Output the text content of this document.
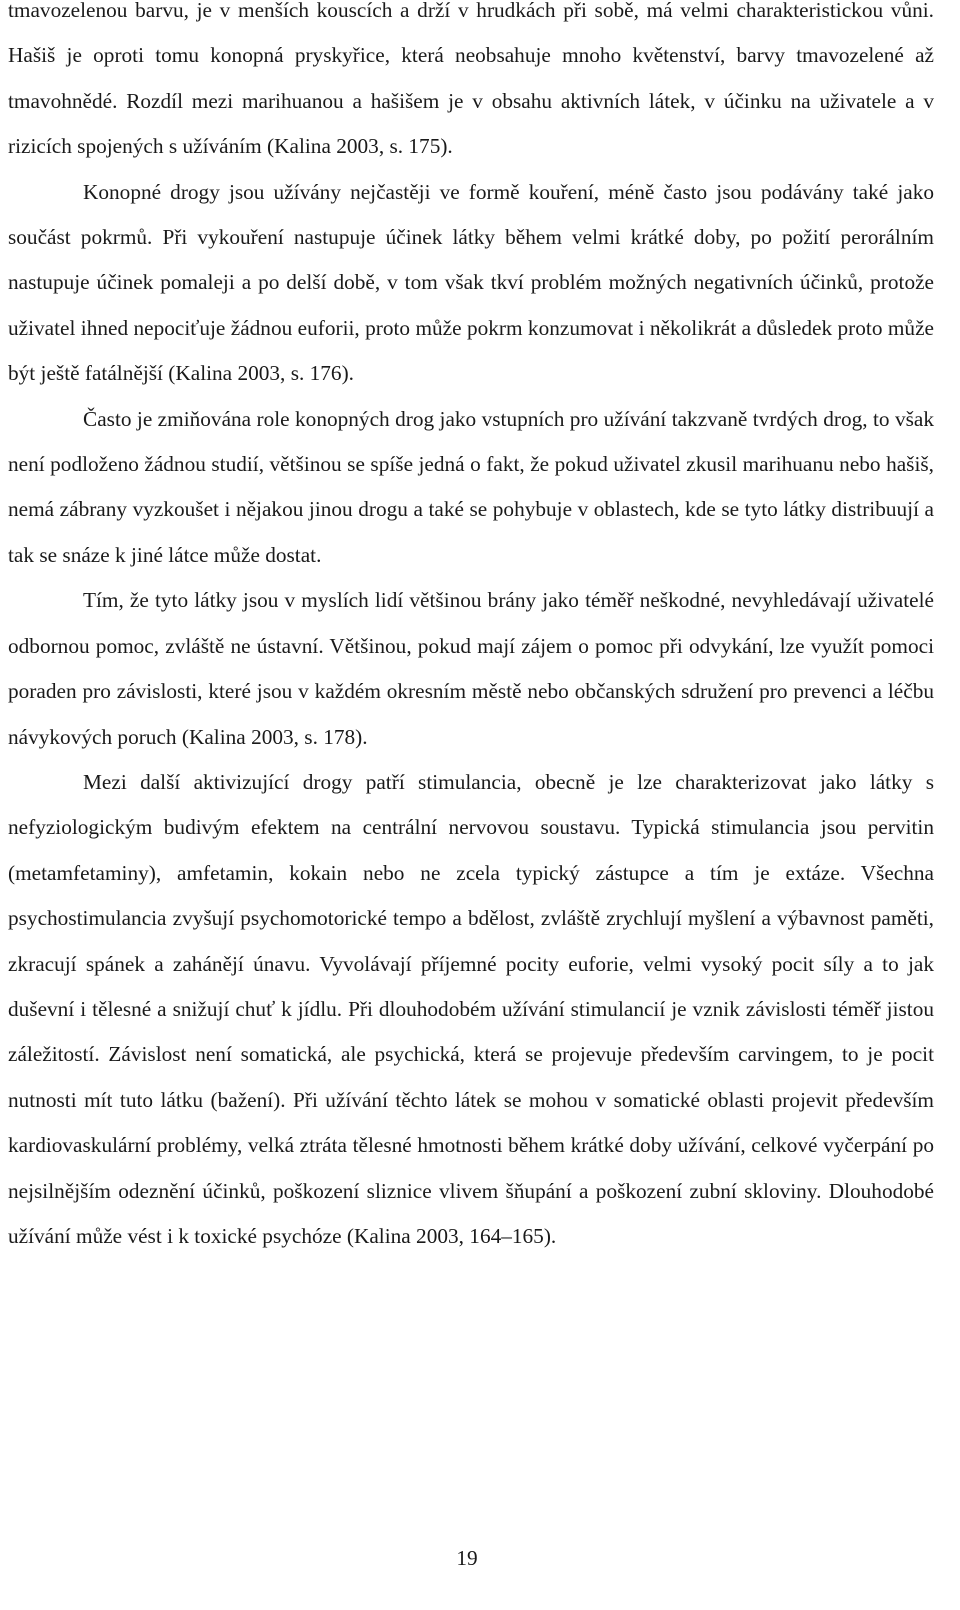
tmavozelenou barvu, je v menších kouscích a drží v hrudkách při sobě, má velmi charakteristickou vůni. Hašiš je oproti tomu konopná pryskyřice, která neobsahuje mnoho květenství, barvy tmavozelené až tmavohnědé. Rozdíl mezi marihuanou a hašišem je v obsahu aktivních látek, v účinku na uživatele a v rizicích spojených s užíváním (Kalina 2003, s. 175).

Konopné drogy jsou užívány nejčastěji ve formě kouření, méně často jsou podávány také jako součást pokrmů. Při vykouření nastupuje účinek látky během velmi krátké doby, po požití perorálním nastupuje účinek pomaleji a po delší době, v tom však tkví problém možných negativních účinků, protože uživatel ihned nepociťuje žádnou euforii, proto může pokrm konzumovat i několikrát a důsledek proto může být ještě fatálnější (Kalina 2003, s. 176).

Často je zmiňována role konopných drog jako vstupních pro užívání takzvaně tvrdých drog, to však není podloženo žádnou studií, většinou se spíše jedná o fakt, že pokud uživatel zkusil marihuanu nebo hašiš, nemá zábrany vyzkoušet i nějakou jinou drogu a také se pohybuje v oblastech, kde se tyto látky distribuují a tak se snáze k jiné látce může dostat.

Tím, že tyto látky jsou v myslích lidí většinou brány jako téměř neškodné, nevyhledávají uživatelé odbornou pomoc, zvláště ne ústavní. Většinou, pokud mají zájem o pomoc při odvykání, lze využít pomoci poraden pro závislosti, které jsou v každém okresním městě nebo občanských sdružení pro prevenci a léčbu návykových poruch (Kalina 2003, s. 178).

Mezi další aktivizující drogy patří stimulancia, obecně je lze charakterizovat jako látky s nefyziologickým budivým efektem na centrální nervovou soustavu. Typická stimulancia jsou pervitin (metamfetaminy), amfetamin, kokain nebo ne zcela typický zástupce a tím je extáze. Všechna psychostimulancia zvyšují psychomotorické tempo a bdělost, zvláště zrychlují myšlení a výbavnost paměti, zkracují spánek a zahánějí únavu. Vyvolávají příjemné pocity euforie, velmi vysoký pocit síly a to jak duševní i tělesné a snižují chuť k jídlu. Při dlouhodobém užívání stimulancií je vznik závislosti téměř jistou záležitostí. Závislost není somatická, ale psychická, která se projevuje především carvingem, to je pocit nutnosti mít tuto látku (bažení). Při užívání těchto látek se mohou v somatické oblasti projevit především kardiovaskulární problémy, velká ztráta tělesné hmotnosti během krátké doby užívání, celkové vyčerpání po nejsilnějším odeznění účinků, poškození sliznice vlivem šňupání a poškození zubní skloviny. Dlouhodobé užívání může vést i k toxické psychóze (Kalina 2003, 164–165).

19
